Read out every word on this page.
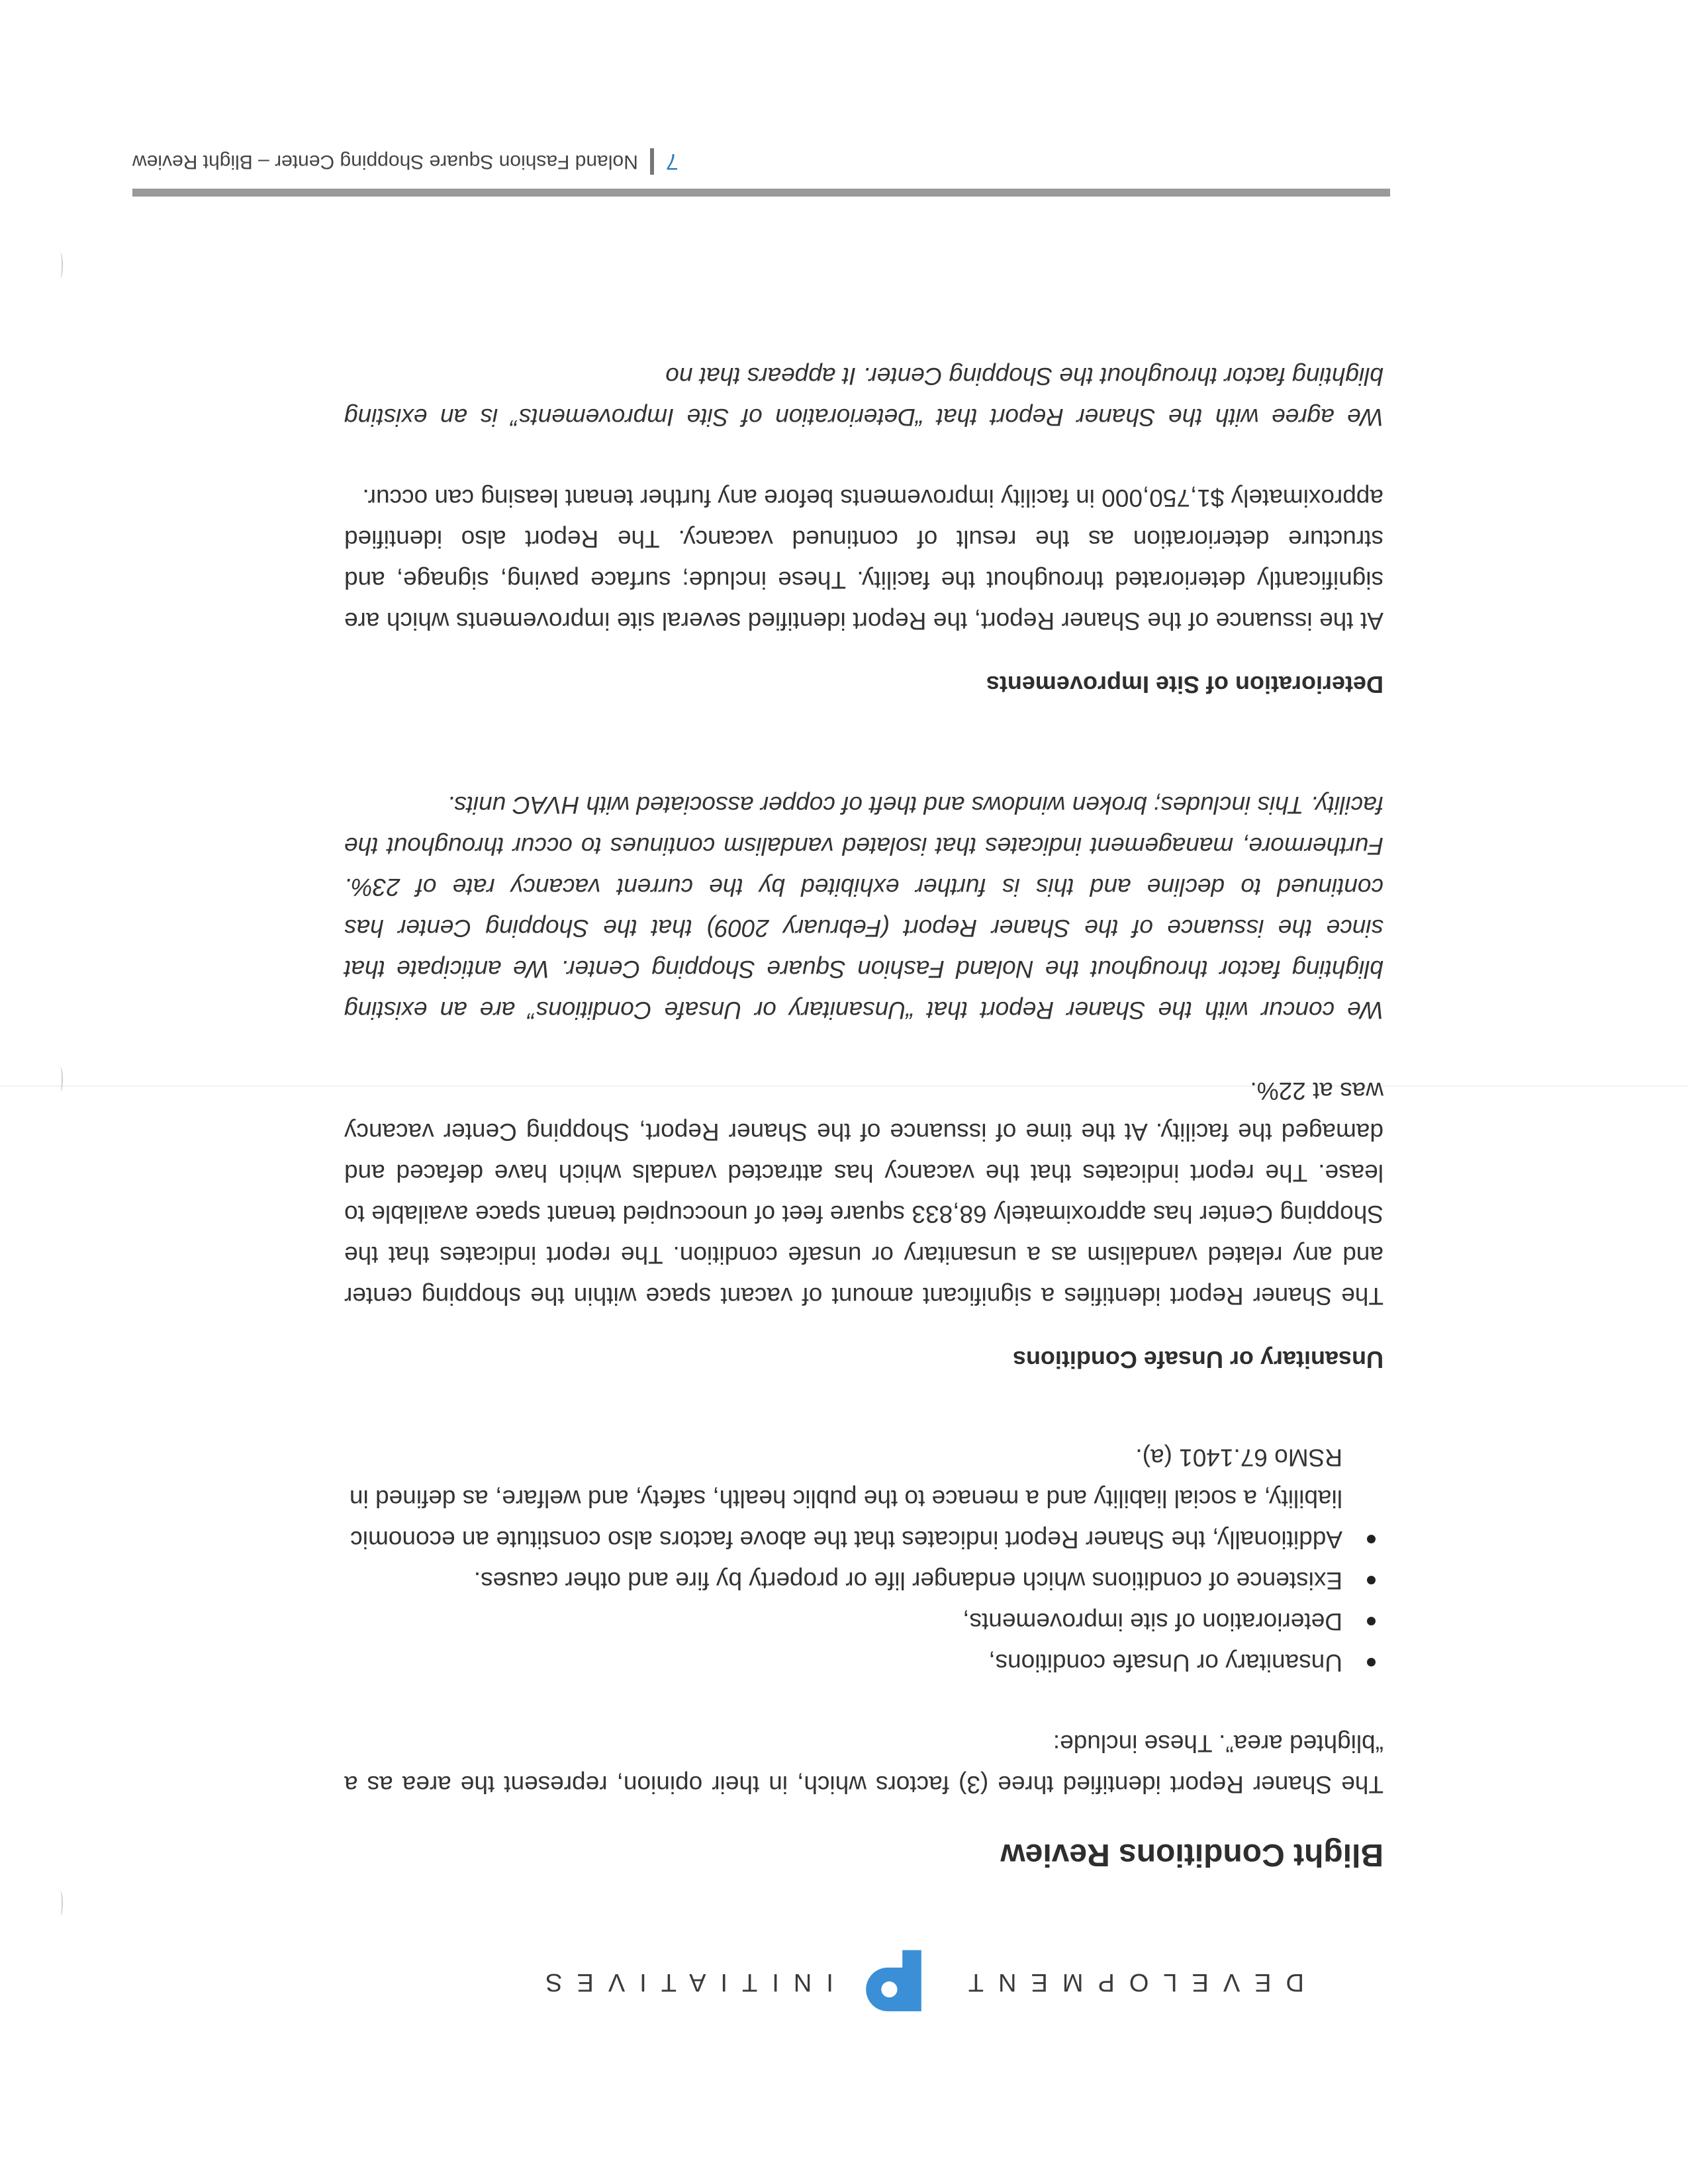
DEVELOPMENT
INITIATIVES
Blight Conditions Review

The Shaner Report identified three (3) factors which, in their opinion, represent the area as a “blighted area”. These include:

Unsanitary or Unsafe conditions,
Deterioration of site improvements,
Existence of conditions which endanger life or property by fire and other causes.
Additionally, the Shaner Report indicates that the above factors also constitute an economic liability, a social liability and a menace to the public health, safety, and welfare, as defined in RSMo 67.1401 (a).
Unsanitary or Unsafe Conditions

The Shaner Report identifies a significant amount of vacant space within the shopping center and any related vandalism as a unsanitary or unsafe condition. The report indicates that the Shopping Center has approximately 68,833 square feet of unoccupied tenant space available to lease. The report indicates that the vacancy has attracted vandals which have defaced and damaged the facility. At the time of issuance of the Shaner Report, Shopping Center vacancy was at 22%.

We concur with the Shaner Report that “Unsanitary or Unsafe Conditions” are an existing blighting factor throughout the Noland Fashion Square Shopping Center. We anticipate that since the issuance of the Shaner Report (February 2009) that the Shopping Center has continued to decline and this is further exhibited by the current vacancy rate of 23%. Furthermore, management indicates that isolated vandalism continues to occur throughout the facility. This includes; broken windows and theft of copper associated with HVAC units.

Deterioration of Site Improvements

At the issuance of the Shaner Report, the Report identified several site improvements which are significantly deteriorated throughout the facility. These include; surface paving, signage, and structure deterioration as the result of continued vacancy. The Report also identified approximately $1,750,000 in facility improvements before any further tenant leasing can occur.

We agree with the Shaner Report that “Deterioration of Site Improvements” is an existing blighting factor throughout the Shopping Center. It appears that no

7
Noland Fashion Square Shopping Center – Blight Review
